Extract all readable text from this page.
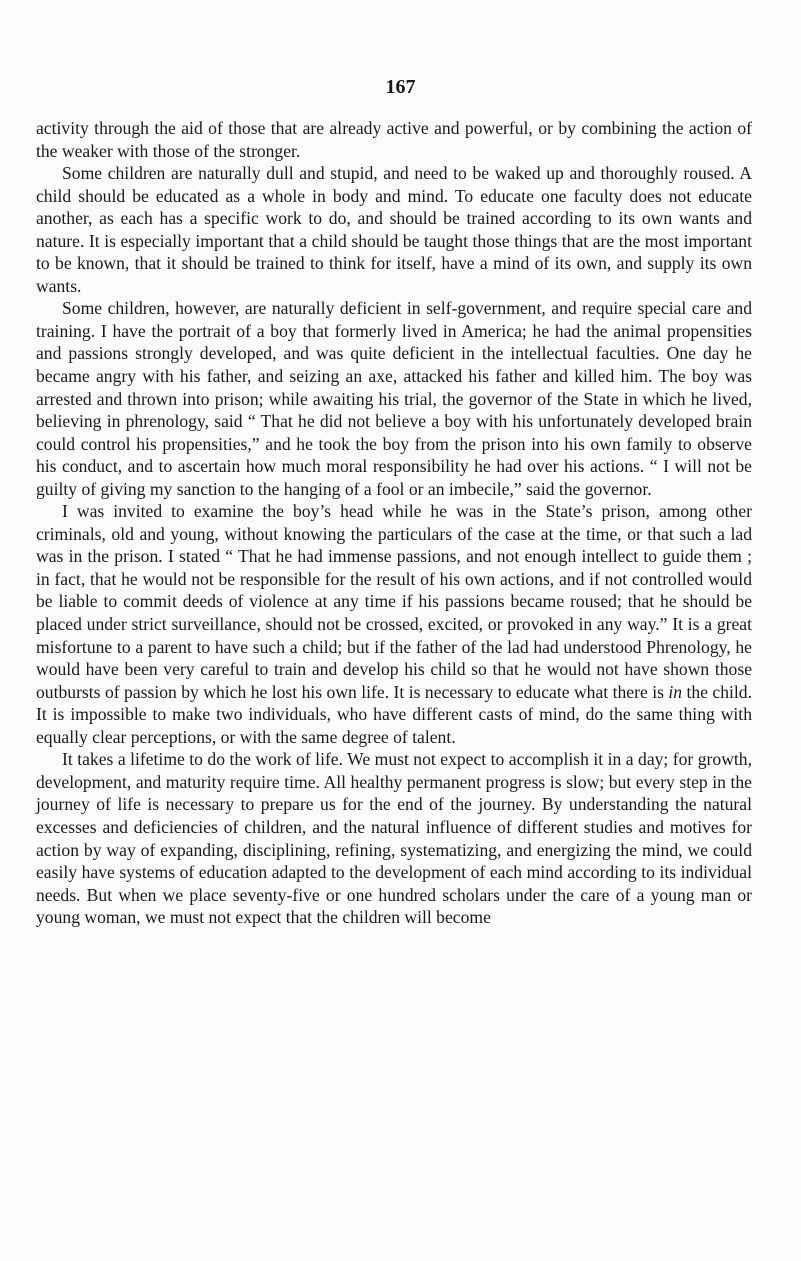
167

activity through the aid of those that are already active and powerful, or by combining the action of the weaker with those of the stronger.

Some children are naturally dull and stupid, and need to be waked up and thoroughly roused. A child should be educated as a whole in body and mind. To educate one faculty does not educate another, as each has a specific work to do, and should be trained according to its own wants and nature. It is especially important that a child should be taught those things that are the most important to be known, that it should be trained to think for itself, have a mind of its own, and supply its own wants.

Some children, however, are naturally deficient in self-government, and require special care and training. I have the portrait of a boy that formerly lived in America; he had the animal propensities and passions strongly developed, and was quite deficient in the intellectual faculties. One day he became angry with his father, and seizing an axe, attacked his father and killed him. The boy was arrested and thrown into prison; while awaiting his trial, the governor of the State in which he lived, believing in phrenology, said “ That he did not believe a boy with his unfortunately developed brain could control his propensities,” and he took the boy from the prison into his own family to observe his conduct, and to ascertain how much moral responsibility he had over his actions. “ I will not be guilty of giving my sanction to the hanging of a fool or an imbecile,” said the governor.

I was invited to examine the boy’s head while he was in the State’s prison, among other criminals, old and young, without knowing the particulars of the case at the time, or that such a lad was in the prison. I stated “ That he had immense passions, and not enough intellect to guide them ; in fact, that he would not be responsible for the result of his own actions, and if not controlled would be liable to commit deeds of violence at any time if his passions became roused; that he should be placed under strict surveillance, should not be crossed, excited, or provoked in any way.” It is a great misfortune to a parent to have such a child; but if the father of the lad had understood Phrenology, he would have been very careful to train and develop his child so that he would not have shown those outbursts of passion by which he lost his own life. It is necessary to educate what there is in the child. It is impossible to make two individuals, who have different casts of mind, do the same thing with equally clear perceptions, or with the same degree of talent.

It takes a lifetime to do the work of life. We must not expect to accomplish it in a day; for growth, development, and maturity require time. All healthy permanent progress is slow; but every step in the journey of life is necessary to prepare us for the end of the journey. By understanding the natural excesses and deficiencies of children, and the natural influence of different studies and motives for action by way of expanding, disciplining, refining, systematizing, and energizing the mind, we could easily have systems of education adapted to the development of each mind according to its individual needs. But when we place seventy-five or one hundred scholars under the care of a young man or young woman, we must not expect that the children will become
